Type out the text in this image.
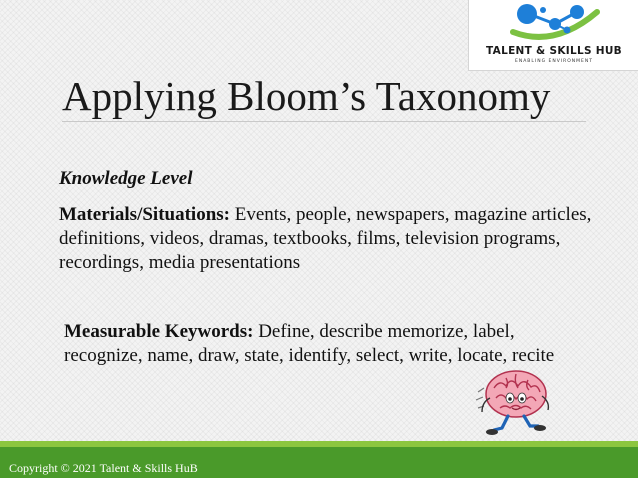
TALENT & SKILLS HUB
ENABLING ENVIRONMENT
Applying Bloom’s Taxonomy
Knowledge Level
Materials/Situations: Events, people, newspapers, magazine articles, definitions, videos, dramas, textbooks, films, television programs, recordings, media presentations
Measurable Keywords: Define, describe memorize, label, recognize, name, draw, state, identify, select, write, locate, recite
Copyright © 2021 Talent & Skills HuB
